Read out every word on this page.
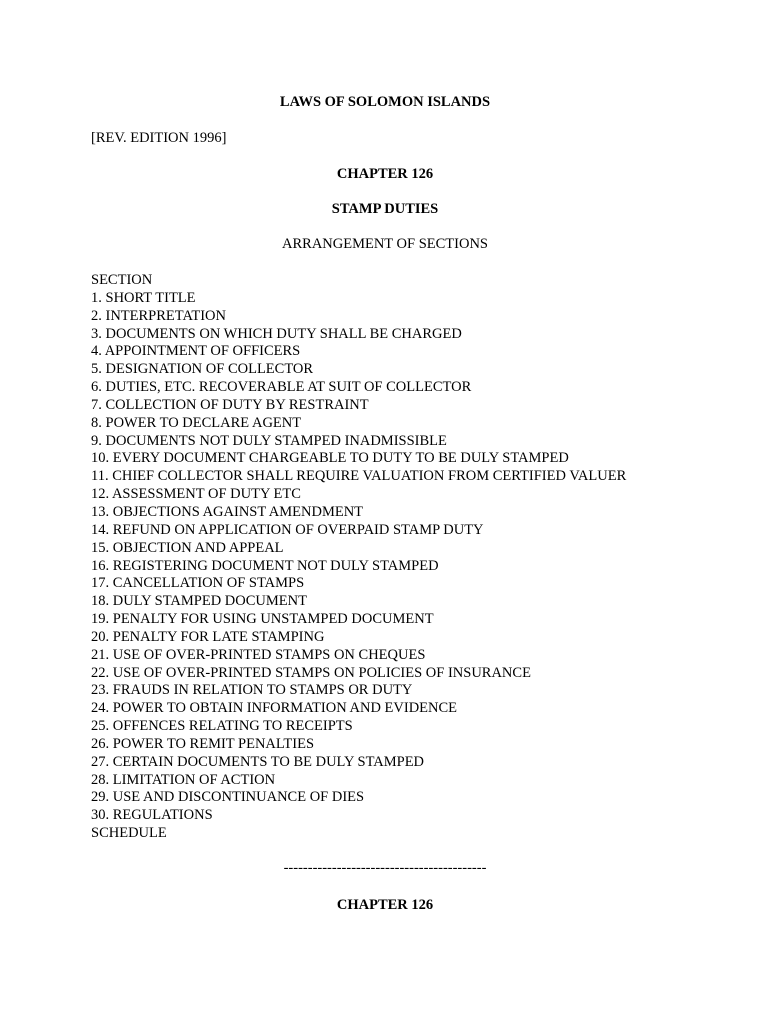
LAWS OF SOLOMON ISLANDS
[REV. EDITION 1996]
CHAPTER 126
STAMP DUTIES
ARRANGEMENT OF SECTIONS
SECTION
1. SHORT TITLE
2. INTERPRETATION
3. DOCUMENTS ON WHICH DUTY SHALL BE CHARGED
4. APPOINTMENT OF OFFICERS
5. DESIGNATION OF COLLECTOR
6. DUTIES, ETC. RECOVERABLE AT SUIT OF COLLECTOR
7. COLLECTION OF DUTY BY RESTRAINT
8. POWER TO DECLARE AGENT
9. DOCUMENTS NOT DULY STAMPED INADMISSIBLE
10. EVERY DOCUMENT CHARGEABLE TO DUTY TO BE DULY STAMPED
11. CHIEF COLLECTOR SHALL REQUIRE VALUATION FROM CERTIFIED VALUER
12. ASSESSMENT OF DUTY ETC
13. OBJECTIONS AGAINST AMENDMENT
14. REFUND ON APPLICATION OF OVERPAID STAMP DUTY
15. OBJECTION AND APPEAL
16. REGISTERING DOCUMENT NOT DULY STAMPED
17. CANCELLATION OF STAMPS
18. DULY STAMPED DOCUMENT
19. PENALTY FOR USING UNSTAMPED DOCUMENT
20. PENALTY FOR LATE STAMPING
21. USE OF OVER-PRINTED STAMPS ON CHEQUES
22. USE OF OVER-PRINTED STAMPS ON POLICIES OF INSURANCE
23. FRAUDS IN RELATION TO STAMPS OR DUTY
24. POWER TO OBTAIN INFORMATION AND EVIDENCE
25. OFFENCES RELATING TO RECEIPTS
26. POWER TO REMIT PENALTIES
27. CERTAIN DOCUMENTS TO BE DULY STAMPED
28. LIMITATION OF ACTION
29. USE AND DISCONTINUANCE OF DIES
30. REGULATIONS
SCHEDULE
------------------------------------------
CHAPTER 126
